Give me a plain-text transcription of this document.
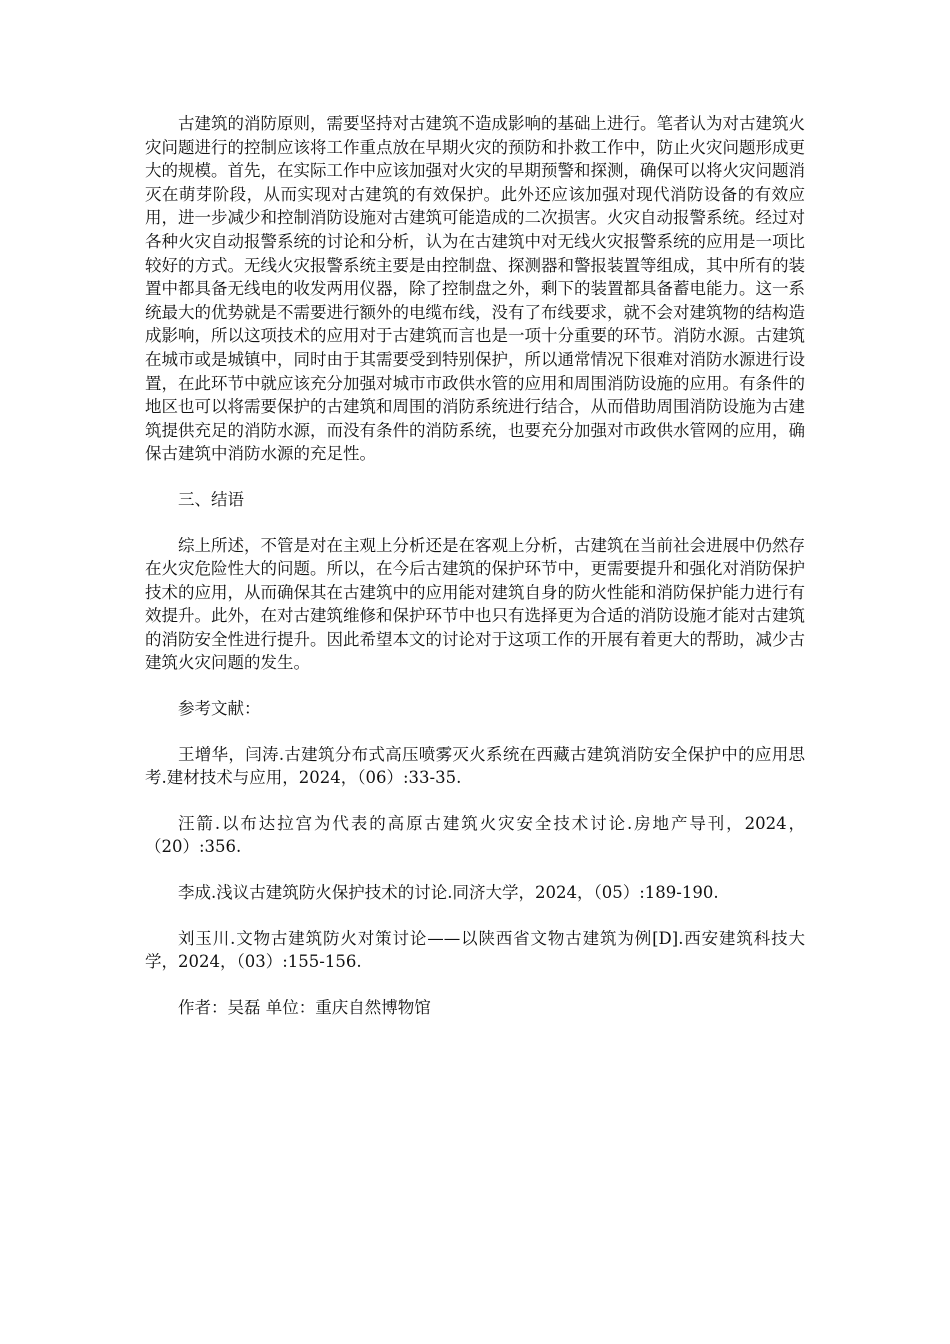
古建筑的消防原则，需要坚持对古建筑不造成影响的基础上进行。笔者认为对古建筑火灾问题进行的控制应该将工作重点放在早期火灾的预防和扑救工作中，防止火灾问题形成更大的规模。首先，在实际工作中应该加强对火灾的早期预警和探测，确保可以将火灾问题消灭在萌芽阶段，从而实现对古建筑的有效保护。此外还应该加强对现代消防设备的有效应用，进一步减少和控制消防设施对古建筑可能造成的二次损害。火灾自动报警系统。经过对各种火灾自动报警系统的讨论和分析，认为在古建筑中对无线火灾报警系统的应用是一项比较好的方式。无线火灾报警系统主要是由控制盘、探测器和警报装置等组成，其中所有的装置中都具备无线电的收发两用仪器，除了控制盘之外，剩下的装置都具备蓄电能力。这一系统最大的优势就是不需要进行额外的电缆布线，没有了布线要求，就不会对建筑物的结构造成影响，所以这项技术的应用对于古建筑而言也是一项十分重要的环节。消防水源。古建筑在城市或是城镇中，同时由于其需要受到特别保护，所以通常情况下很难对消防水源进行设置，在此环节中就应该充分加强对城市市政供水管的应用和周围消防设施的应用。有条件的地区也可以将需要保护的古建筑和周围的消防系统进行结合，从而借助周围消防设施为古建筑提供充足的消防水源，而没有条件的消防系统，也要充分加强对市政供水管网的应用，确保古建筑中消防水源的充足性。

三、结语

综上所述，不管是对在主观上分析还是在客观上分析，古建筑在当前社会进展中仍然存在火灾危险性大的问题。所以，在今后古建筑的保护环节中，更需要提升和强化对消防保护技术的应用，从而确保其在古建筑中的应用能对建筑自身的防火性能和消防保护能力进行有效提升。此外，在对古建筑维修和保护环节中也只有选择更为合适的消防设施才能对古建筑的消防安全性进行提升。因此希望本文的讨论对于这项工作的开展有着更大的帮助，减少古建筑火灾问题的发生。

参考文献：

王增华，闫涛.古建筑分布式高压喷雾灭火系统在西藏古建筑消防安全保护中的应用思考.建材技术与应用，2024，（06）:33-35.

汪箭.以布达拉宫为代表的高原古建筑火灾安全技术讨论.房地产导刊，2024，（20）:356.

李成.浅议古建筑防火保护技术的讨论.同济大学，2024，（05）:189-190.

刘玉川.文物古建筑防火对策讨论——以陕西省文物古建筑为例[D].西安建筑科技大学，2024，（03）:155-156.

作者：吴磊 单位：重庆自然博物馆
